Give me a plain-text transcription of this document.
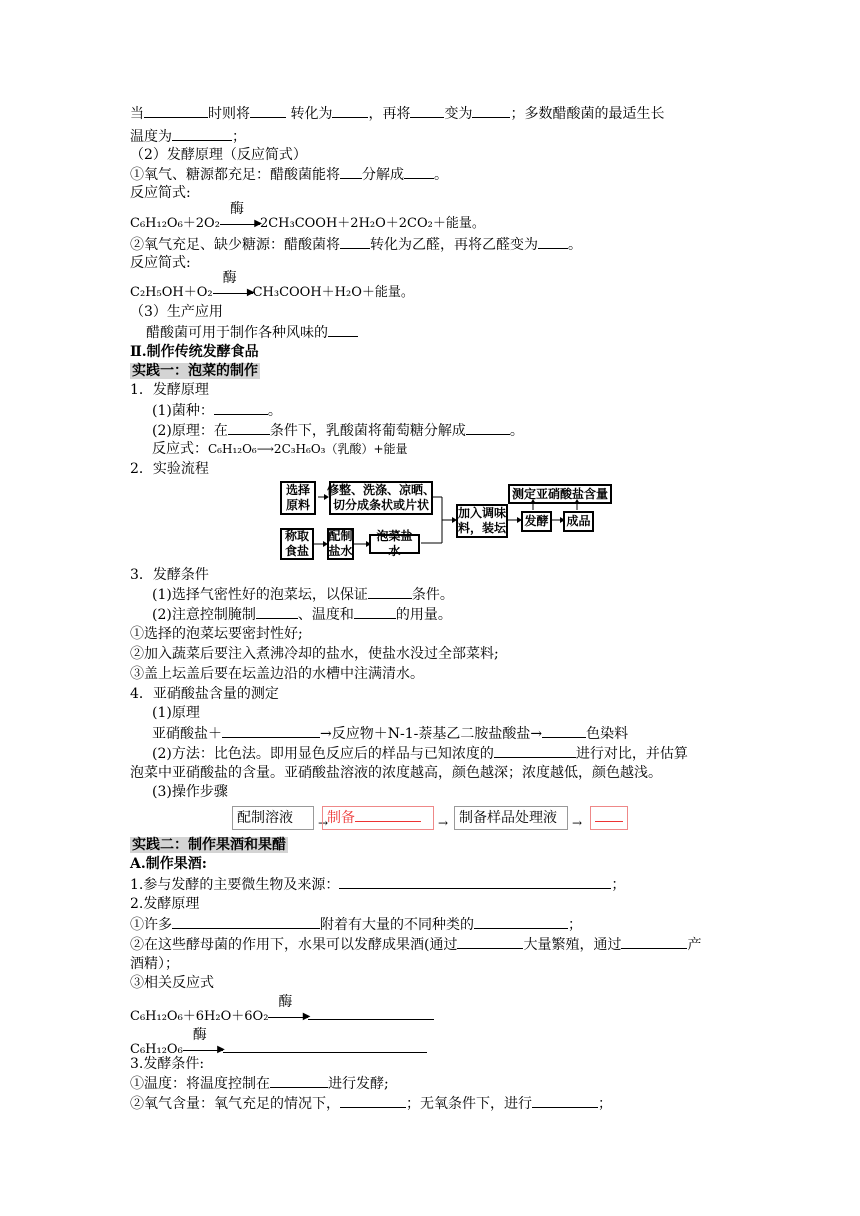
当	时则将	转化为	，再将 变为	；多数醋酸菌的最适生长
温度为	；
（2）发酵原理（反应简式）
①氧气、糖源都充足：醋酸菌能将 分解成 。
反应简式:
C₆H₁₂O₆＋2O₂
酶
▶
2CH₃COOH＋2H₂O＋2CO₂＋能量。
②氧气充足、缺少糖源：醋酸菌将 转化为乙醛，再将乙醛变为 。
反应简式:
C₂H₅OH＋O₂
酶
▶
CH₃COOH＋H₂O＋能量。
（3）生产应用
醋酸菌可用于制作各种风味的
Ⅱ.制作传统发酵食品
实践一：泡菜的制作
1．发酵原理
(1)菌种：	。
(2)原理：在	条件下，乳酸菌将葡萄糖分解成	。
反应式：C₆H₁₂O₆⟶2C₃H₆O₃（乳酸）+能量
2．实验流程
选择
原料
修整、洗涤、凉晒、
切分成条状或片状
称取
食盐
配制
盐水
泡菜盐水
加入调味
料，装坛 发酵 成品
测定亚硝酸盐含量
3．发酵条件
(1)选择气密性好的泡菜坛，以保证	条件。
(2)注意控制腌制	、温度和	的用量。
①选择的泡菜坛要密封性好;
②加入蔬菜后要注入煮沸冷却的盐水，使盐水没过全部菜料;
③盖上坛盖后要在坛盖边沿的水槽中注满清水。
4．亚硝酸盐含量的测定
(1)原理
亚硝酸盐＋	→反应物＋N-1-萘基乙二胺盐酸盐→	色染料
(2)方法：比色法。即用显色反应后的样品与已知浓度的	进行对比，并估算
泡菜中亚硝酸盐的含量。亚硝酸盐溶液的浓度越高，颜色越深；浓度越低，颜色越浅。
(3)操作步骤
配制溶液	→
制备	→ 制备样品处理液	→
实践二：制作果酒和果醋
A.制作果酒:
1.参与发酵的主要微生物及来源：	；
2.发酵原理
①许多	附着有大量的不同种类的	；
②在这些酵母菌的作用下，水果可以发酵成果酒(通过	大量繁殖，通过	产
酒精）；
③相关反应式
C₆H₁₂O₆＋6H₂O＋6O₂
酶
▶
C₆H₁₂O₆
酶
▶
3.发酵条件:
①温度：将温度控制在	进行发酵;
②氧气含量：氧气充足的情况下，	；无氧条件下，进行	；
